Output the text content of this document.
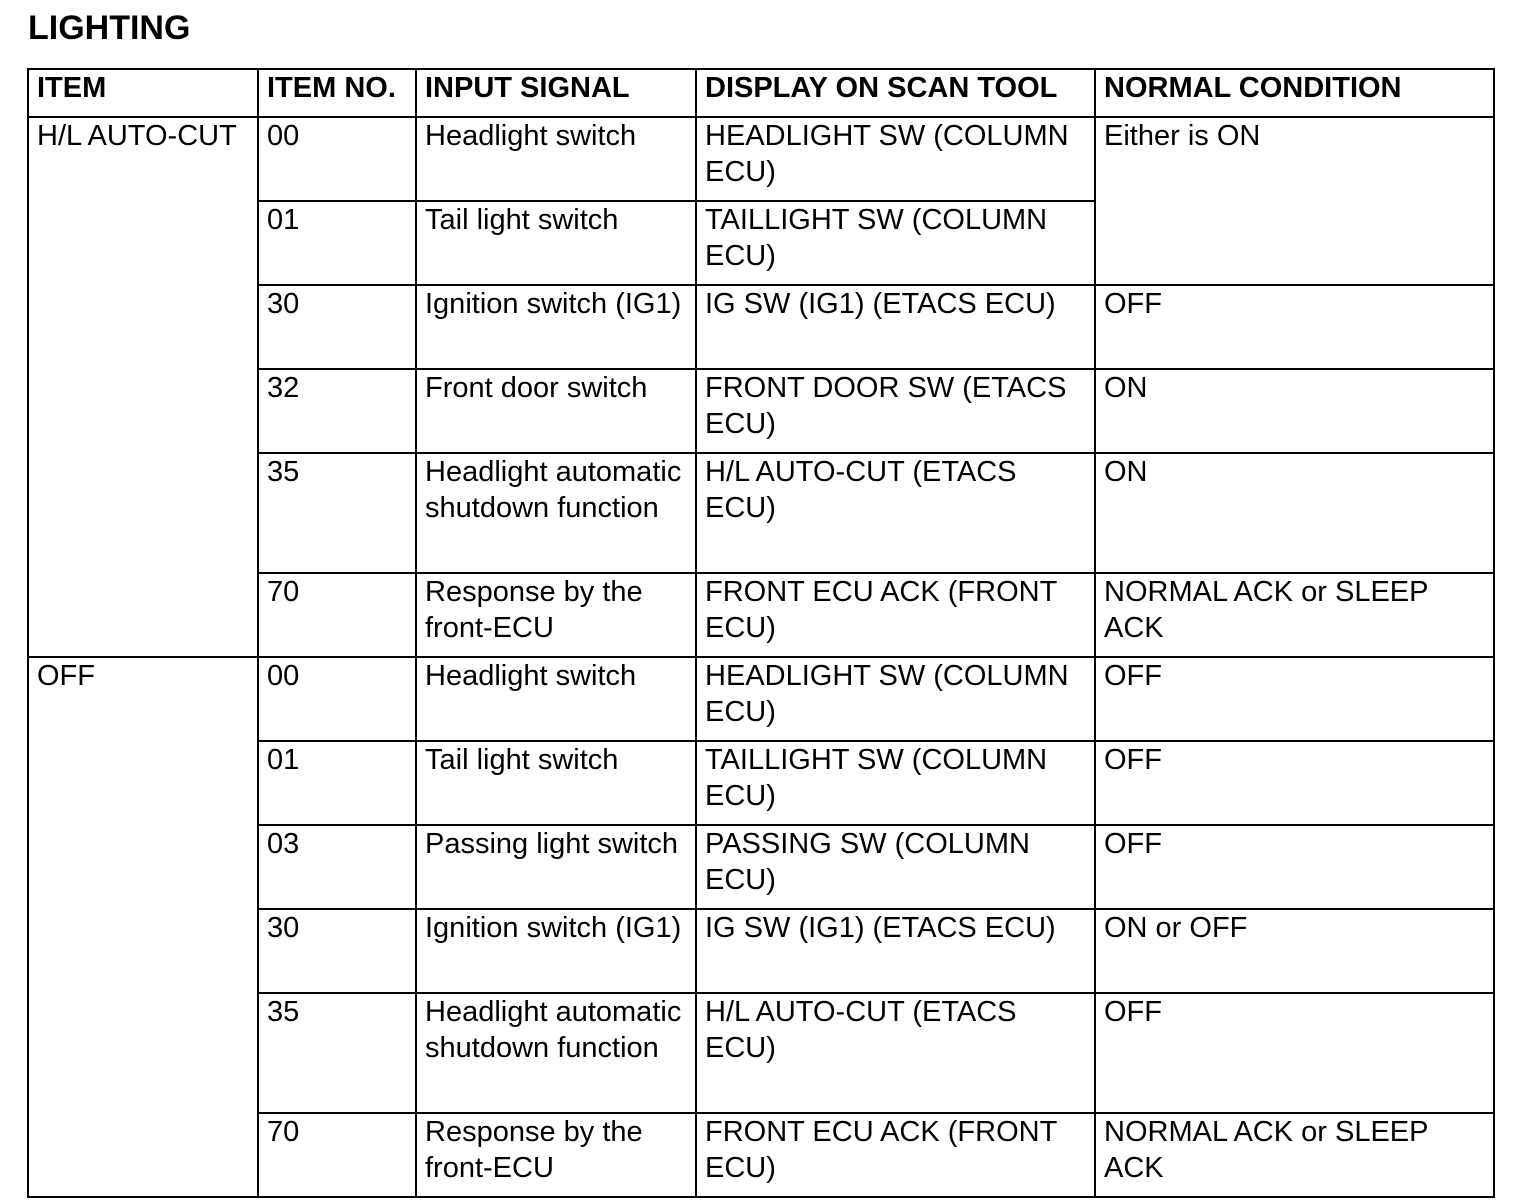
LIGHTING
ITEM	ITEM NO.	INPUT SIGNAL	DISPLAY ON SCAN TOOL	NORMAL CONDITION
H/L AUTO-CUT	00	Headlight switch	HEADLIGHT SW (COLUMN ECU)	Either is ON
	01	Tail light switch	TAILLIGHT SW (COLUMN ECU)	
	30	Ignition switch (IG1)	IG SW (IG1) (ETACS ECU)	OFF
	32	Front door switch	FRONT DOOR SW (ETACS ECU)	ON
	35	Headlight automatic shutdown function	H/L AUTO-CUT (ETACS ECU)	ON
	70	Response by the front-ECU	FRONT ECU ACK (FRONT ECU)	NORMAL ACK or SLEEP ACK
OFF	00	Headlight switch	HEADLIGHT SW (COLUMN ECU)	OFF
	01	Tail light switch	TAILLIGHT SW (COLUMN ECU)	OFF
	03	Passing light switch	PASSING SW (COLUMN ECU)	OFF
	30	Ignition switch (IG1)	IG SW (IG1) (ETACS ECU)	ON or OFF
	35	Headlight automatic shutdown function	H/L AUTO-CUT (ETACS ECU)	OFF
	70	Response by the front-ECU	FRONT ECU ACK (FRONT ECU)	NORMAL ACK or SLEEP ACK
